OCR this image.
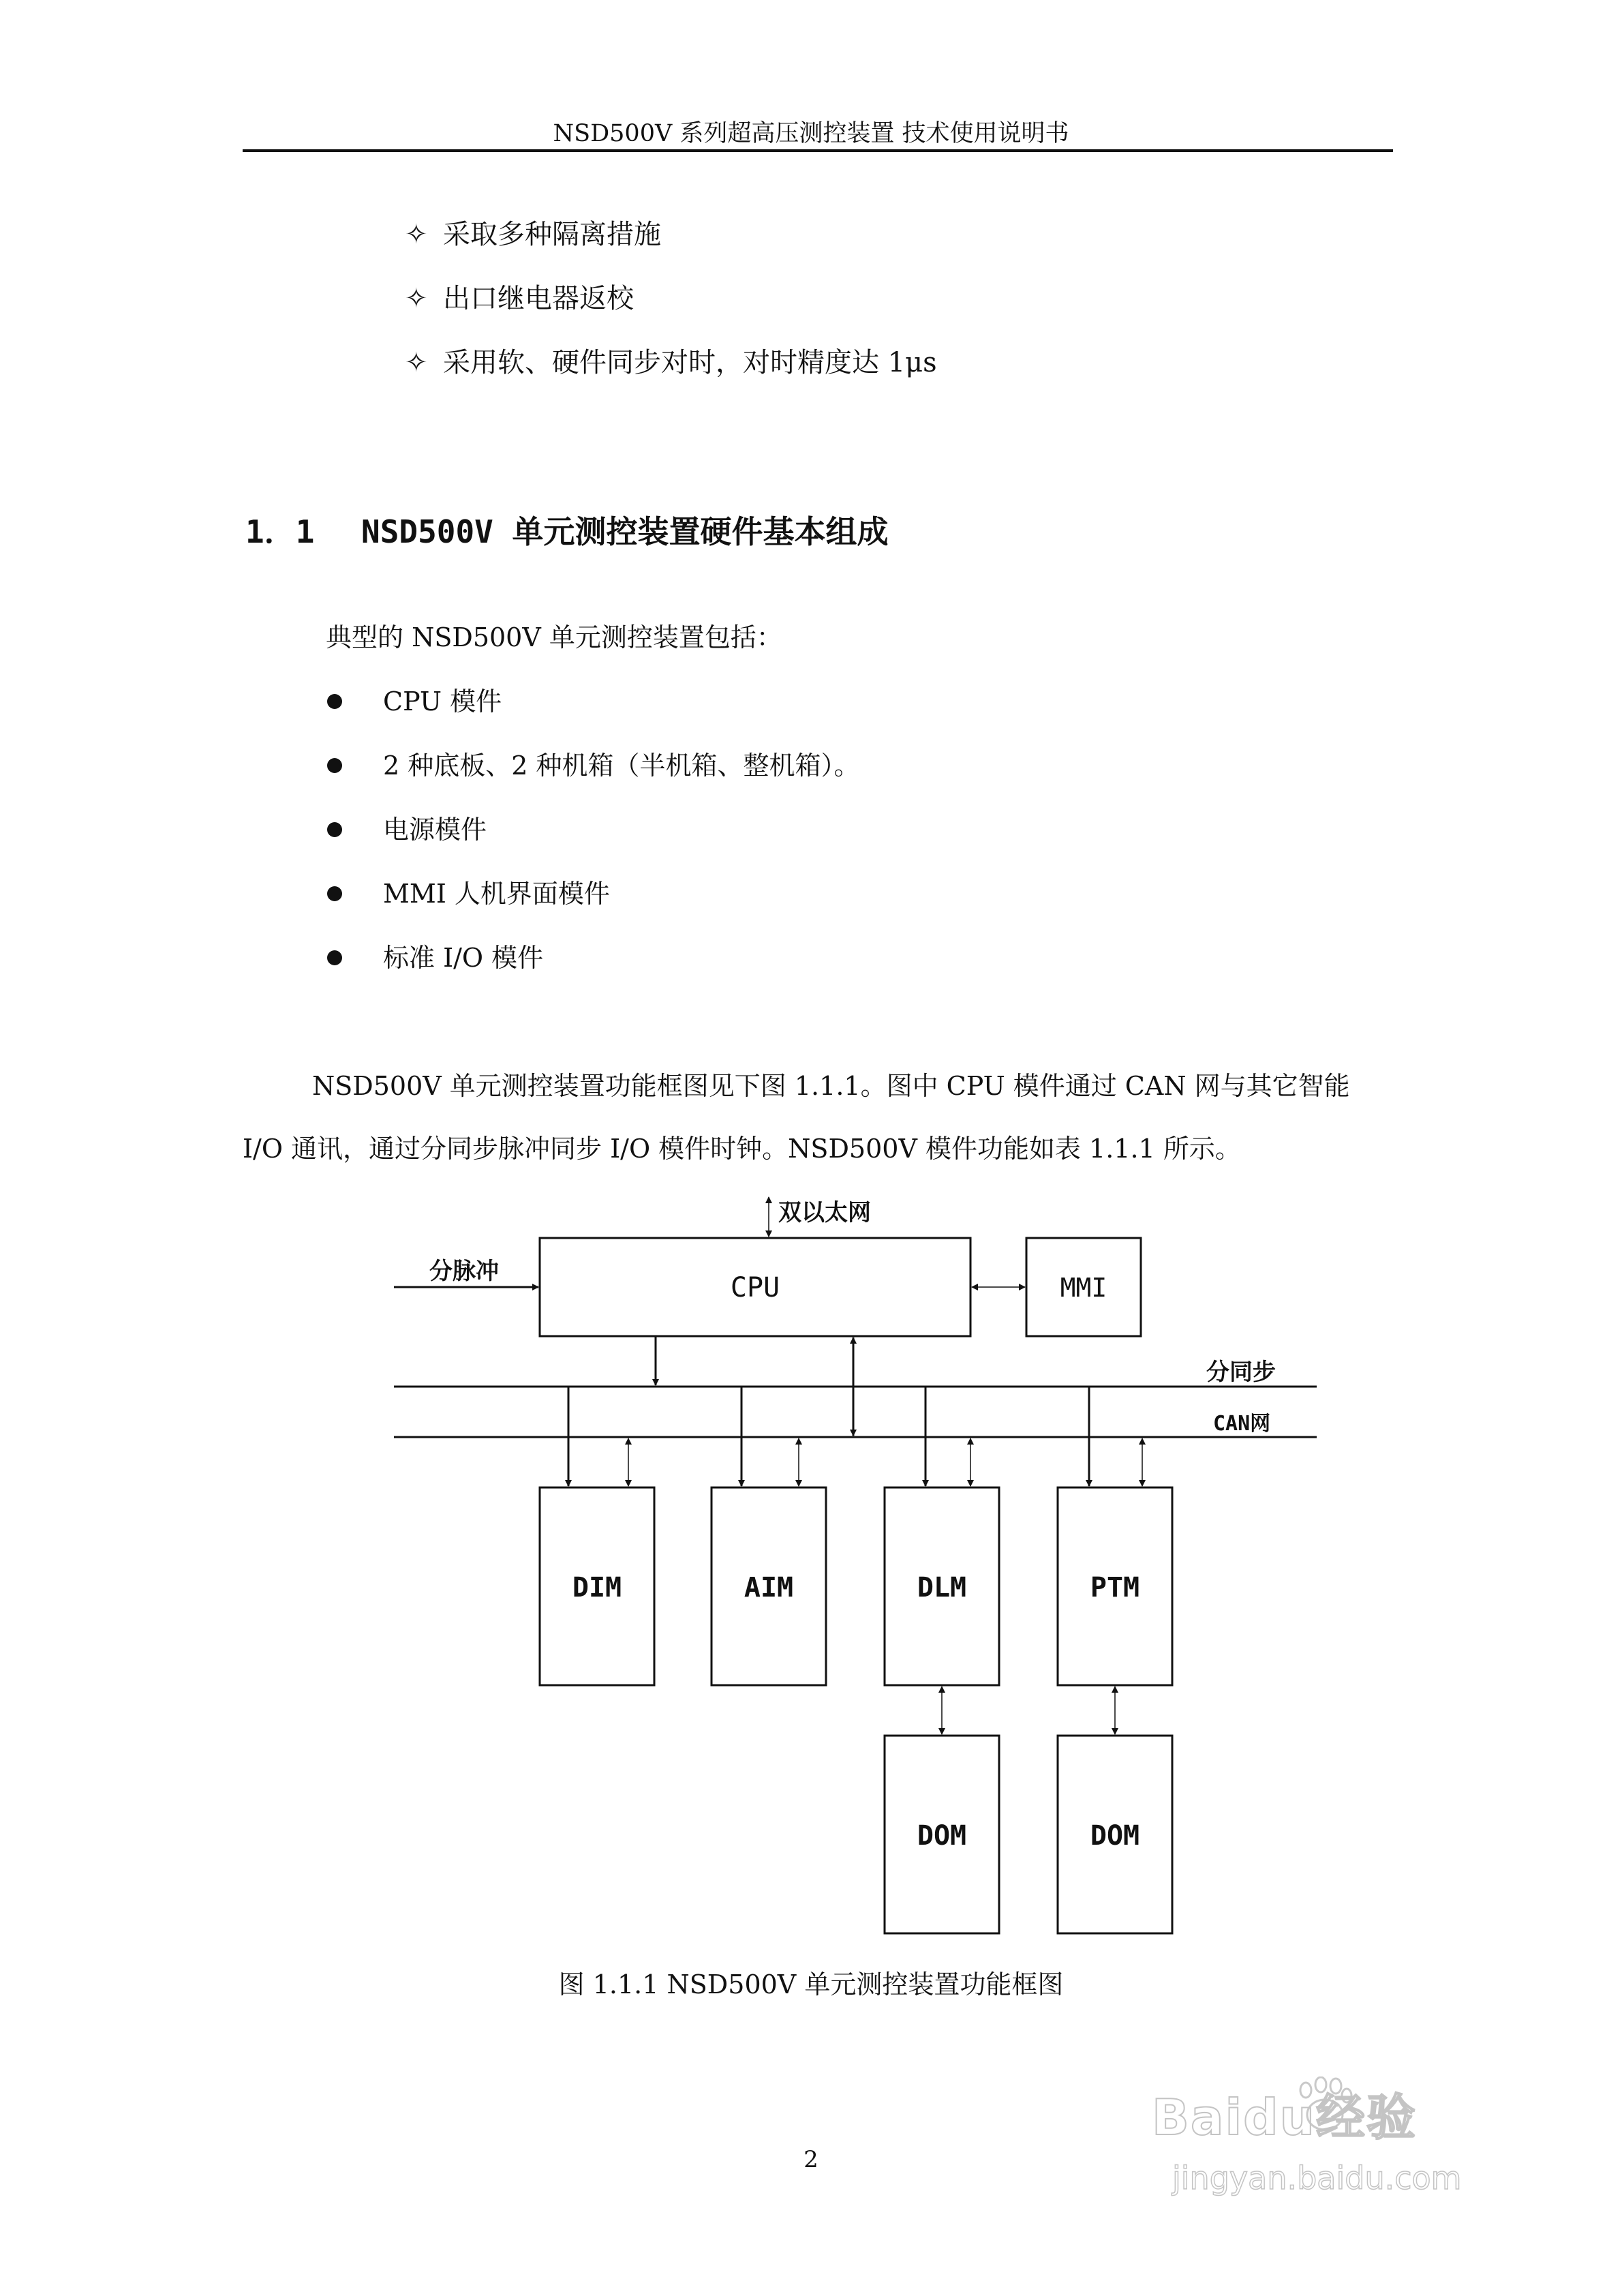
NSD500V 系列超高压测控装置 技术使用说明书
✧ 采取多种隔离措施
✧ 出口继电器返校
✧ 采用软、硬件同步对时，对时精度达 1μs
1．1 NSD500V 单元测控装置硬件基本组成
典型的 NSD500V 单元测控装置包括：
CPU 模件
2 种底板、2 种机箱（半机箱、整机箱）。
电源模件
MMI 人机界面模件
标准 I/O 模件
NSD500V 单元测控装置功能框图见下图 1.1.1。图中 CPU 模件通过 CAN 网与其它智能
I/O 通讯，通过分同步脉冲同步 I/O 模件时钟。NSD500V 模件功能如表 1.1.1 所示。
双以太网
分脉冲
CPU	MMI
分同步
CAN网
DIM	AIM	DLM	PTM
DOM	DOM
图 1.1.1 NSD500V 单元测控装置功能框图
2
Baidu经验
jingyan.baidu.com
